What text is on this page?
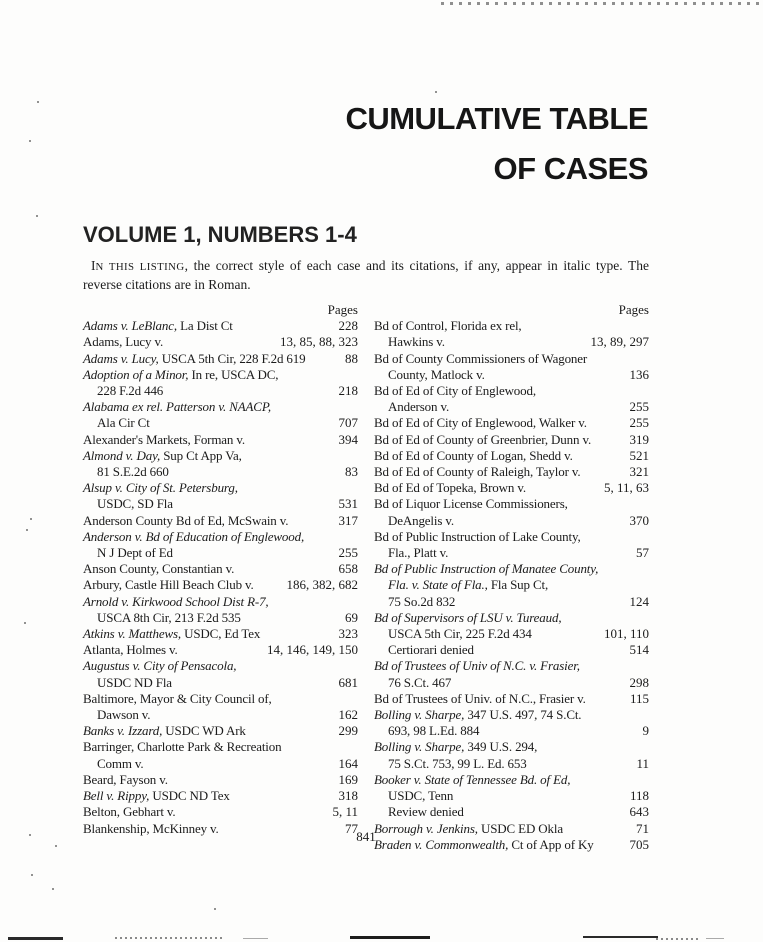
CUMULATIVE TABLE
OF CASES
VOLUME 1, NUMBERS 1-4
IN THIS LISTING, the correct style of each case and its citations, if any, appear in italic type. The reverse citations are in Roman.
Pages
Adams v. LeBlanc, La Dist Ct	228
Adams, Lucy v.	13, 85, 88, 323
Adams v. Lucy, USCA 5th Cir, 228 F.2d 619	88
Adoption of a Minor, In re, USCA DC,
228 F.2d 446	218
Alabama ex rel. Patterson v. NAACP,
Ala Cir Ct	707
Alexander's Markets, Forman v.	394
Almond v. Day, Sup Ct App Va,
81 S.E.2d 660	83
Alsup v. City of St. Petersburg,
USDC, SD Fla	531
Anderson County Bd of Ed, McSwain v.	317
Anderson v. Bd of Education of Englewood,
N J Dept of Ed	255
Anson County, Constantian v.	658
Arbury, Castle Hill Beach Club v.	186, 382, 682
Arnold v. Kirkwood School Dist R-7,
USCA 8th Cir, 213 F.2d 535	69
Atkins v. Matthews, USDC, Ed Tex	323
Atlanta, Holmes v.	14, 146, 149, 150
Augustus v. City of Pensacola,
USDC ND Fla	681
Baltimore, Mayor & City Council of,
Dawson v.	162
Banks v. Izzard, USDC WD Ark	299
Barringer, Charlotte Park & Recreation
Comm v.	164
Beard, Fayson v.	169
Bell v. Rippy, USDC ND Tex	318
Belton, Gebhart v.	5, 11
Blankenship, McKinney v.	77
Pages
Bd of Control, Florida ex rel,
Hawkins v.	13, 89, 297
Bd of County Commissioners of Wagoner
County, Matlock v.	136
Bd of Ed of City of Englewood,
Anderson v.	255
Bd of Ed of City of Englewood, Walker v.	255
Bd of Ed of County of Greenbrier, Dunn v.	319
Bd of Ed of County of Logan, Shedd v.	521
Bd of Ed of County of Raleigh, Taylor v.	321
Bd of Ed of Topeka, Brown v.	5, 11, 63
Bd of Liquor License Commissioners,
DeAngelis v.	370
Bd of Public Instruction of Lake County,
Fla., Platt v.	57
Bd of Public Instruction of Manatee County,
Fla. v. State of Fla., Fla Sup Ct,
75 So.2d 832	124
Bd of Supervisors of LSU v. Tureaud,
USCA 5th Cir, 225 F.2d 434	101, 110
Certiorari denied	514
Bd of Trustees of Univ of N.C. v. Frasier,
76 S.Ct. 467	298
Bd of Trustees of Univ. of N.C., Frasier v.	115
Bolling v. Sharpe, 347 U.S. 497, 74 S.Ct.
693, 98 L.Ed. 884	9
Bolling v. Sharpe, 349 U.S. 294,
75 S.Ct. 753, 99 L. Ed. 653	11
Booker v. State of Tennessee Bd. of Ed,
USDC, Tenn	118
Review denied	643
Borrough v. Jenkins, USDC ED Okla	71
Braden v. Commonwealth, Ct of App of Ky	705
841
